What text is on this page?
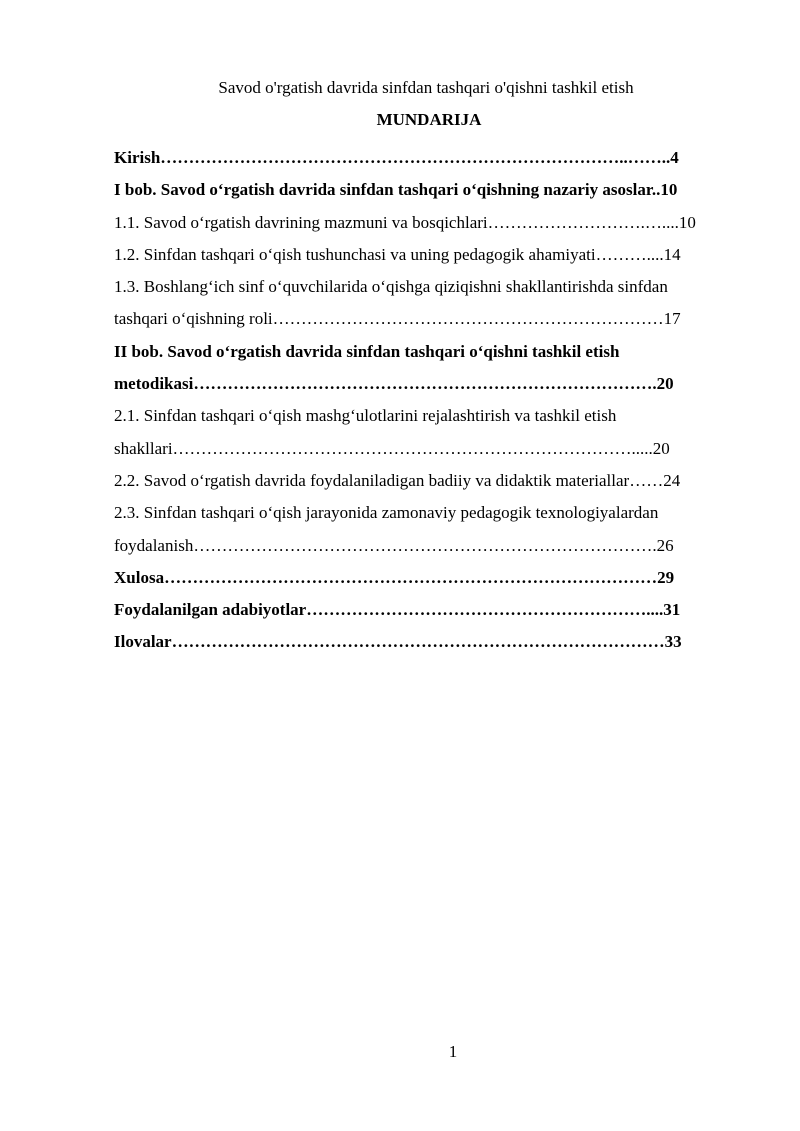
Savod o'rgatish davrida sinfdan tashqari o'qishni tashkil etish
MUNDARIJA
Kirish………………………………………………………………………..……..4
I bob. Savod o‘rgatish davrida sinfdan tashqari o‘qishning nazariy asoslar..10
1.1. Savod o‘rgatish davrining mazmuni va bosqichlari……………………….…....10
1.2. Sinfdan tashqari o‘qish tushunchasi va uning pedagogik ahamiyati………....14
1.3. Boshlang‘ich sinf o‘quvchilarida o‘qishga qiziqishni shakllantirishda sinfdan
tashqari o‘qishning roli……………………………………………………………17
II bob. Savod o‘rgatish davrida sinfdan tashqari o‘qishni tashkil etish
metodikasi……………………………………………………………………….20
2.1. Sinfdan tashqari o‘qish mashg‘ulotlarini rejalashtirish va tashkil etish
shakllari……………………………………………………………………….....20
2.2. Savod o‘rgatish davrida foydalaniladigan badiiy va didaktik materiallar……24
2.3. Sinfdan tashqari o‘qish jarayonida zamonaviy pedagogik texnologiyalardan
foydalanish……………………………………………………………………….26
Xulosa……………………………………………………………………………29
Foydalanilgan adabiyotlar……………………………………………………....31
Ilovalar……………………………………………………………………………33
1
